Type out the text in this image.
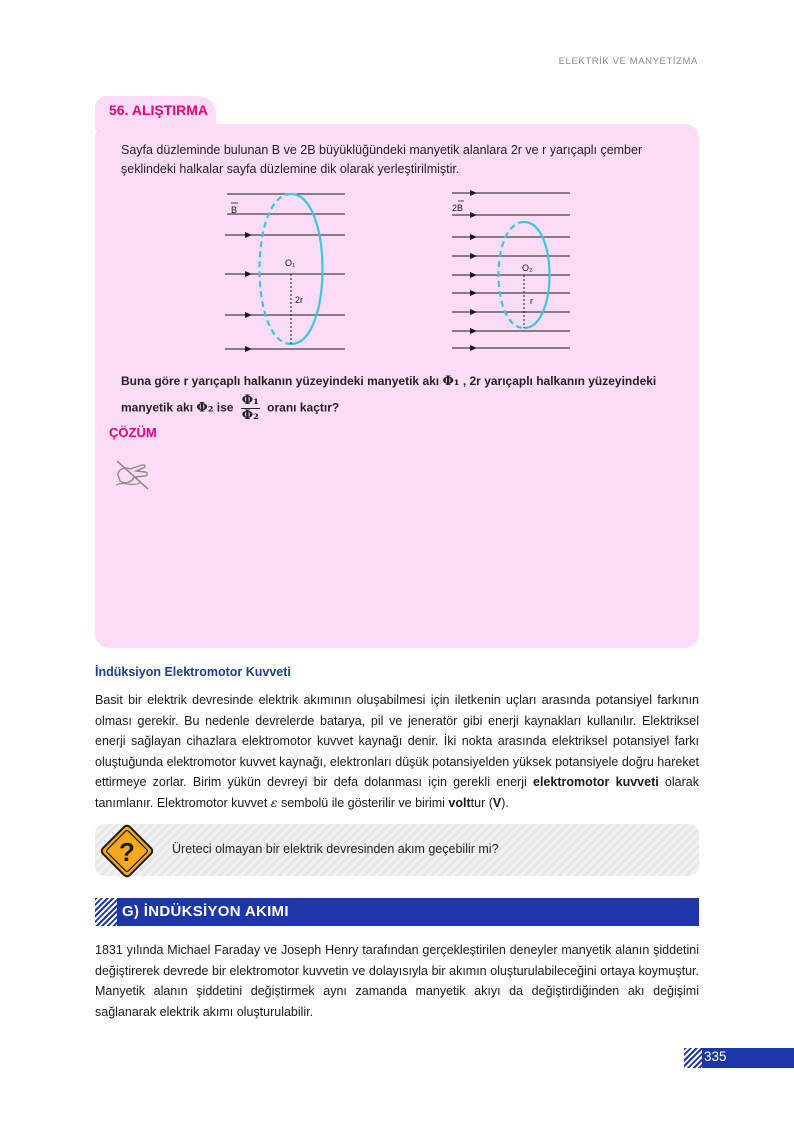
ELEKTRİK VE MANYETİZMA
56. ALIŞTIRMA
Sayfa düzleminde bulunan B ve 2B büyüklüğündeki manyetik alanlara 2r ve r yarıçaplı çember şeklindeki halkalar sayfa düzlemine dik olarak yerleştirilmiştir.
B
O₁
2r
2B
O₂
r
Buna göre r yarıçaplı halkanın yüzeyindeki manyetik akı Φ₁ , 2r yarıçaplı halkanın yüzeyindeki manyetik akı Φ₂ ise $\frac{\text{Φ₁}}{\text{Φ₂}}$ oranı kaçtır?
ÇÖZÜM
İndüksiyon Elektromotor Kuvveti
Basit bir elektrik devresinde elektrik akımının oluşabilmesi için iletkenin uçları arasında potansiyel farkının olması gerekir. Bu nedenle devrelerde batarya, pil ve jeneratör gibi enerji kaynakları kullanılır. Elektriksel enerji sağlayan cihazlara elektromotor kuvvet kaynağı denir. İki nokta arasında elektriksel potansiyel farkı oluştuğunda elektromotor kuvvet kaynağı, elektronları düşük potansiyelden yüksek potansiyele doğru hareket ettirmeye zorlar. Birim yükün devreyi bir defa dolanması için gerekli enerji elektromotor kuvveti olarak tanımlanır. Elektromotor kuvvet ε sembolü ile gösterilir ve birimi volttur (V).
?	Üreteci olmayan bir elektrik devresinden akım geçebilir mi?
G) İNDÜKSİYON AKIMI
1831 yılında Michael Faraday ve Joseph Henry tarafından gerçekleştirilen deneyler manyetik alanın şiddetini değiştirerek devrede bir elektromotor kuvvetin ve dolayısıyla bir akımın oluşturulabileceğini ortaya koymuştur. Manyetik alanın şiddetini değiştirmek aynı zamanda manyetik akıyı da değiştirdiğinden akı değişimi sağlanarak elektrik akımı oluşturulabilir.
335
